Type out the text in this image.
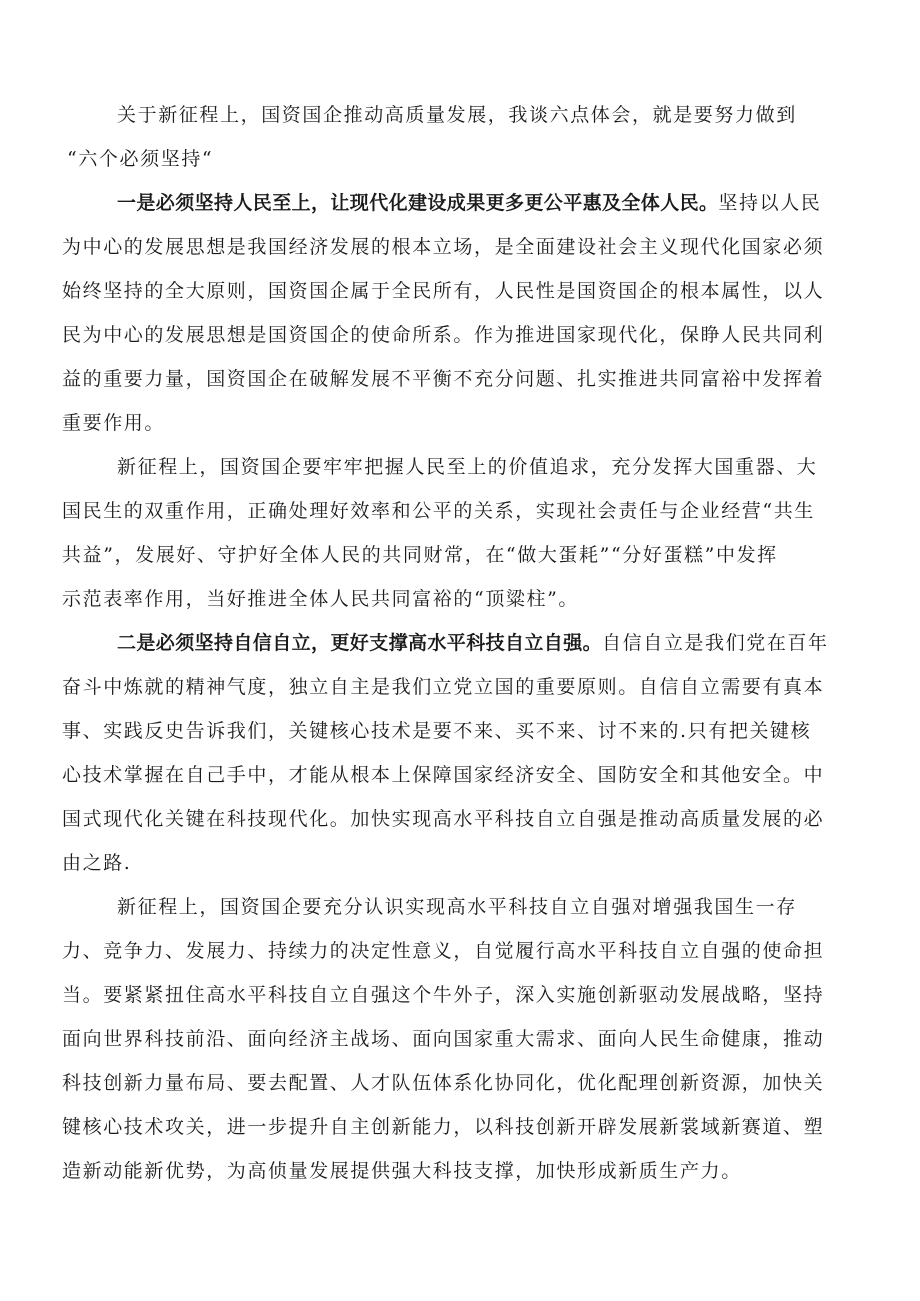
关于新征程上，国资国企推动高质量发展，我谈六点体会，就是要努力做到

“六个必须坚持“

一是必须坚持人民至上，让现代化建设成果更多更公平惠及全体人民。坚持以人民

为中心的发展思想是我国经济发展的根本立场，是全面建设社会主义现代化国家必须

始终坚持的全大原则，国资国企属于全民所有，人民性是国资国企的根本属性，以人

民为中心的发展思想是国资国企的使命所系。作为推进国家现代化，保睁人民共同利

益的重要力量，国资国企在破解发展不平衡不充分问题、扎实推进共同富裕中发挥着

重要作用。

新征程上，国资国企要牢牢把握人民至上的价值追求，充分发挥大国重器、大

国民生的双重作用，正确处理好效率和公平的关系，实现社会责任与企业经营“共生

共益”，发展好、守护好全体人民的共同财常，在“做大蛋耗”“分好蛋糕”中发挥

示范表率作用，当好推进全体人民共同富裕的“顶粱柱”。

二是必须坚持自信自立，更好支撑高水平科技自立自强。自信自立是我们党在百年

奋斗中炼就的精神气度，独立自主是我们立党立国的重要原则。自信自立需要有真本

事、实践反史告诉我们，关键核心技术是要不来、买不来、讨不来的.只有把关键核

心技术掌握在自己手中，才能从根本上保障国家经济安全、国防安全和其他安全。中

国式现代化关键在科技现代化。加快实现高水平科技自立自强是推动高质量发展的必

由之路.

新征程上，国资国企要充分认识实现高水平科技自立自强对增强我国生一存

力、竞争力、发展力、持续力的决定性意义，自觉履行高水平科技自立自强的使命担

当。要紧紧扭住高水平科技自立自强这个牛外子，深入实施创新驱动发展战略，坚持

面向世界科技前沿、面向经济主战场、面向国家重大需求、面向人民生命健康，推动

科技创新力量布局、要去配置、人才队伍体系化协同化，优化配理创新资源，加快关

键核心技术攻关，进一步提升自主创新能力，以科技创新开辟发展新裳域新赛道、塑

造新动能新优势，为高侦量发展提供强大科技支撑，加快形成新质生产力。
